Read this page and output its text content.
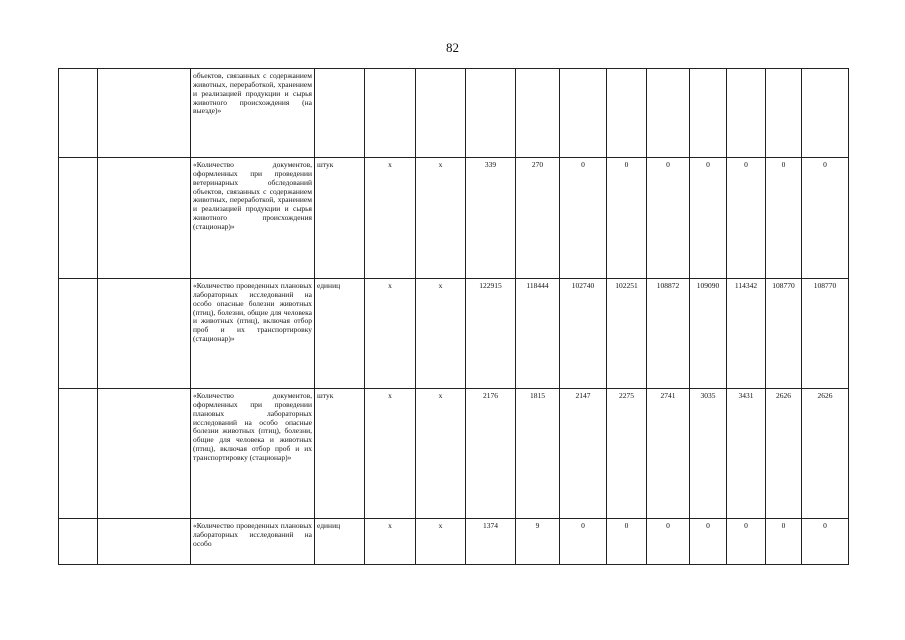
82
		объектов, связанных с содержанием животных, переработкой, хранением и реализацией продукции и сырья животного происхождения (на выезде)»												
		«Количество документов, оформленных при проведении ветеринарных обследований объектов, связанных с содержанием животных, переработкой, хранением и реализацией продукции и сырья животного происхождения (стационар)»	штук	х	х	339	270	0	0	0	0	0	0	0
		«Количество проведенных плановых лабораторных исследований на особо опасные болезни животных (птиц), болезни, общие для человека и животных (птиц), включая отбор проб и их транспортировку (стационар)»	единиц	х	х	122915	118444	102740	102251	108872	109090	114342	108770	108770
		«Количество документов, оформленных при проведении плановых лабораторных исследований на особо опасные болезни животных (птиц), болезни, общие для человека и животных (птиц), включая отбор проб и их транспортировку (стационар)»	штук	х	х	2176	1815	2147	2275	2741	3035	3431	2626	2626
		«Количество проведенных плановых лабораторных исследований на особо	единиц	х	х	1374	9	0	0	0	0	0	0	0
